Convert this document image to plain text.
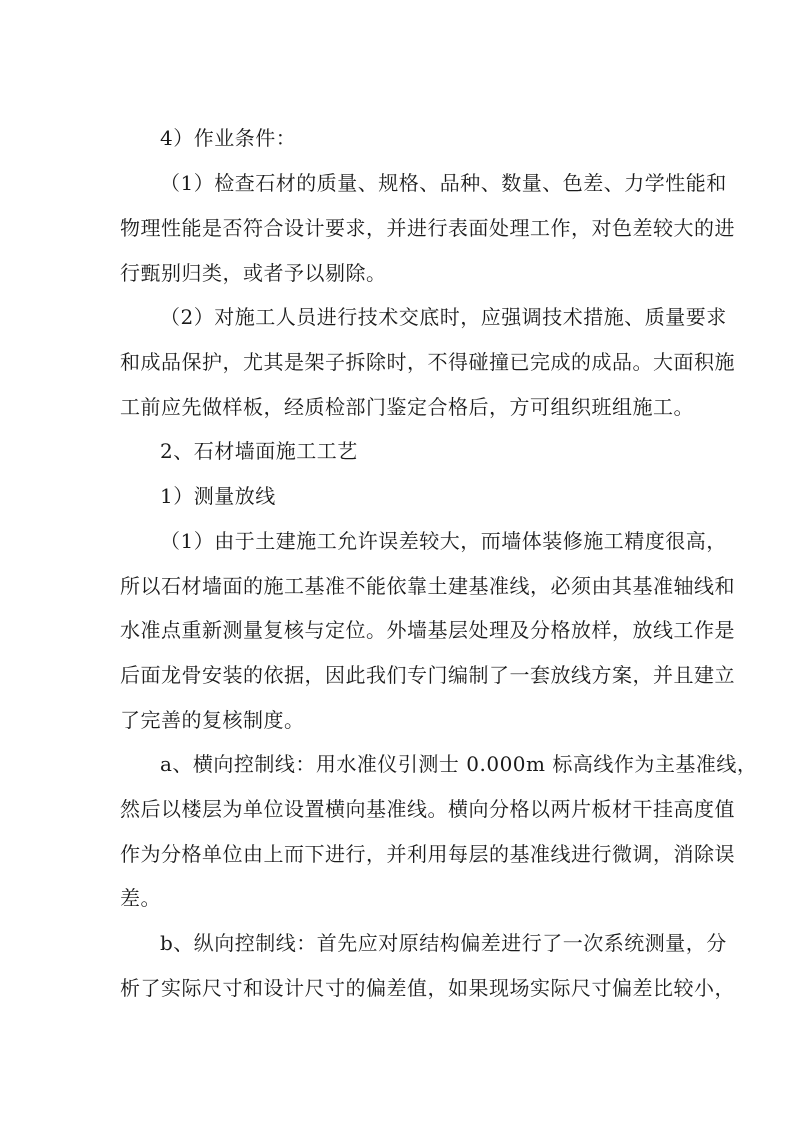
4）作业条件：
（1）检查石材的质量、规格、品种、数量、色差、力学性能和
物理性能是否符合设计要求，并进行表面处理工作，对色差较大的进
行甄别归类，或者予以剔除。
（2）对施工人员进行技术交底时，应强调技术措施、质量要求
和成品保护，尤其是架子拆除时，不得碰撞已完成的成品。大面积施
工前应先做样板，经质检部门鉴定合格后，方可组织班组施工。
2、石材墙面施工工艺
1）测量放线
（1）由于土建施工允许误差较大，而墙体装修施工精度很高，
所以石材墙面的施工基准不能依靠土建基准线，必须由其基准轴线和
水准点重新测量复核与定位。外墙基层处理及分格放样，放线工作是
后面龙骨安装的依据，因此我们专门编制了一套放线方案，并且建立
了完善的复核制度。
a、横向控制线：用水准仪引测士 0.000m 标高线作为主基准线，
然后以楼层为单位设置横向基准线。横向分格以两片板材干挂高度值
作为分格单位由上而下进行，并利用每层的基准线进行微调，消除误
差。
b、纵向控制线：首先应对原结构偏差进行了一次系统测量，分
析了实际尺寸和设计尺寸的偏差值，如果现场实际尺寸偏差比较小，
